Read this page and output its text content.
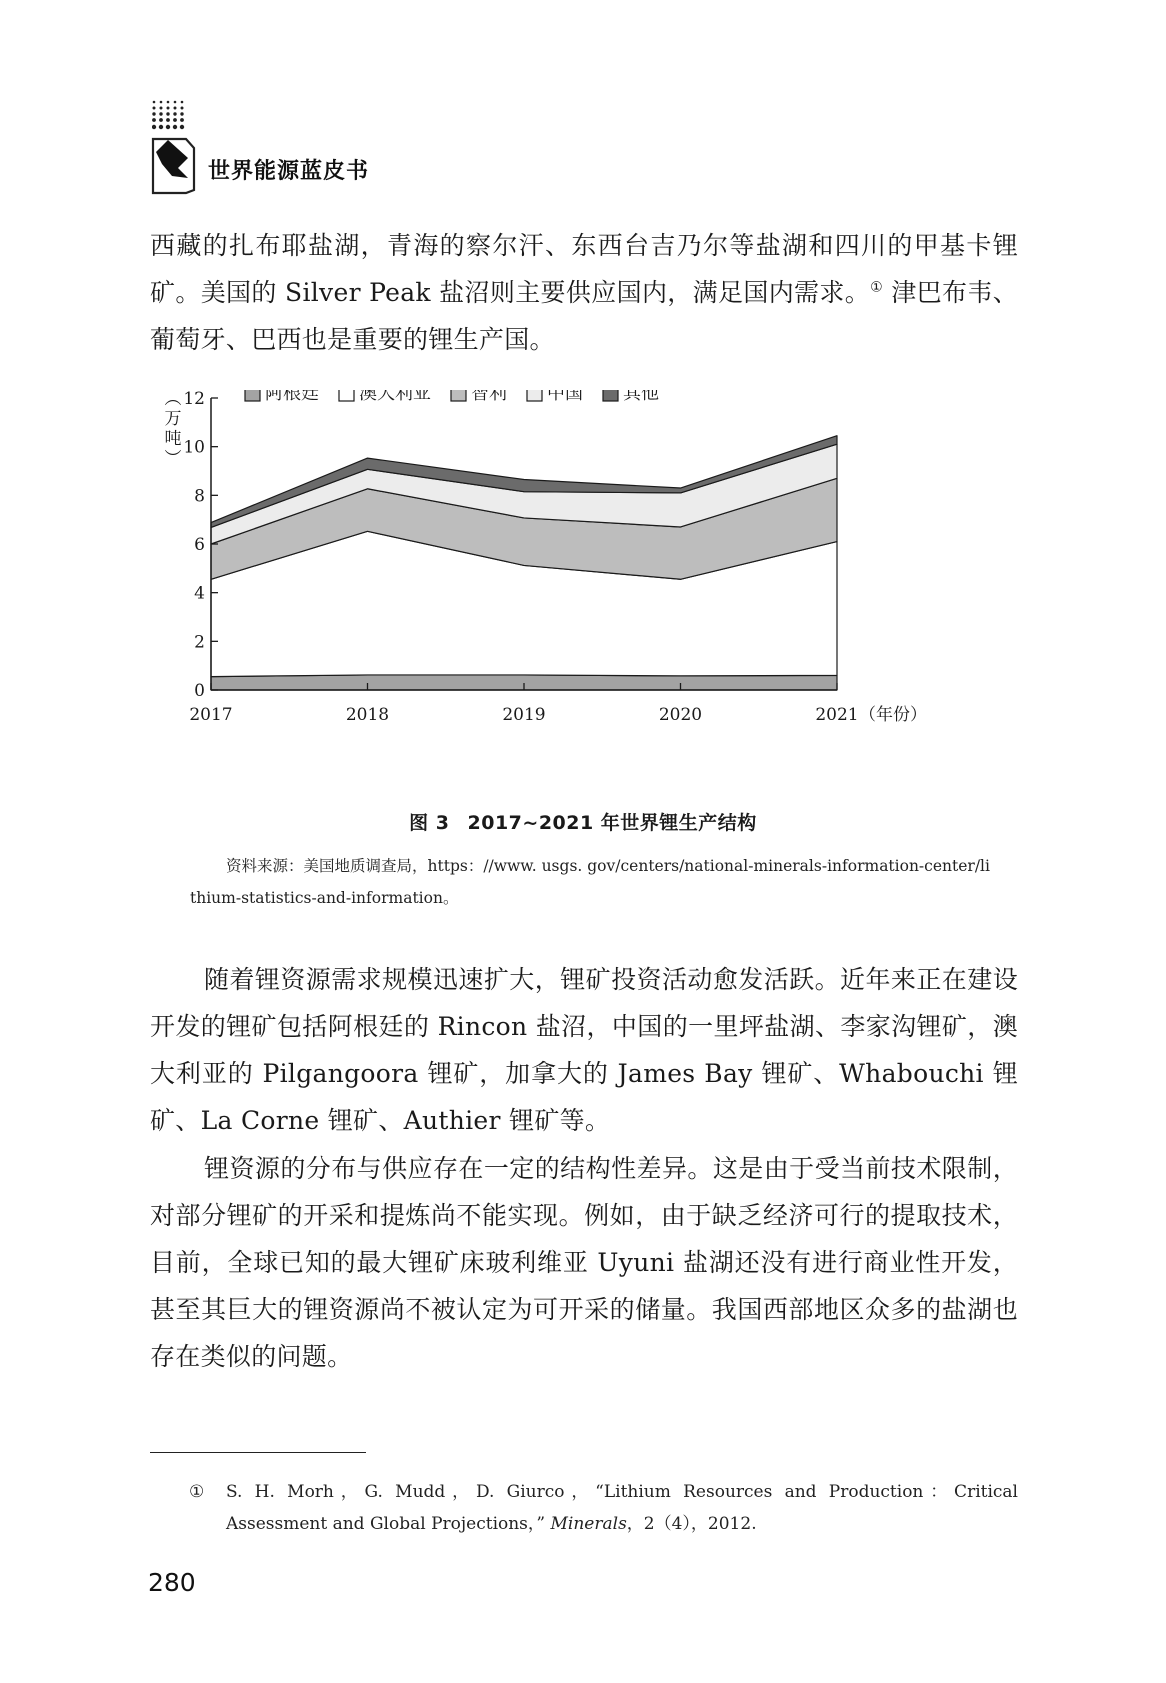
世界能源蓝皮书
西藏的扎布耶盐湖，青海的察尔汗、东西台吉乃尔等盐湖和四川的甲基卡锂矿。美国的 Silver Peak 盐沼则主要供应国内，满足国内需求。① 津巴布韦、葡萄牙、巴西也是重要的锂生产国。
0
2
4
6
8
10
12
2017	2018	2019	2020	2021 （年份）
︵万吨︶
阿根廷 澳大利亚 智利 中国 其他
图 3 2017~2021 年世界锂生产结构
资料来源：美国地质调查局，https：//www. usgs. gov/centers/national-minerals-information-center/lithium-statistics-and-information。
随着锂资源需求规模迅速扩大，锂矿投资活动愈发活跃。近年来正在建设开发的锂矿包括阿根廷的 Rincon 盐沼，中国的一里坪盐湖、李家沟锂矿，澳大利亚的 Pilgangoora 锂矿，加拿大的 James Bay 锂矿、Whabouchi 锂矿、La Corne 锂矿、Authier 锂矿等。
锂资源的分布与供应存在一定的结构性差异。这是由于受当前技术限制，对部分锂矿的开采和提炼尚不能实现。例如，由于缺乏经济可行的提取技术，目前，全球已知的最大锂矿床玻利维亚 Uyuni 盐湖还没有进行商业性开发，甚至其巨大的锂资源尚不被认定为可开采的储量。我国西部地区众多的盐湖也存在类似的问题。
①	S. H. Morh，G. Mudd，D. Giurco，“Lithium Resources and Production：Critical Assessment and Global Projections，” Minerals，2（4），2012.
280
